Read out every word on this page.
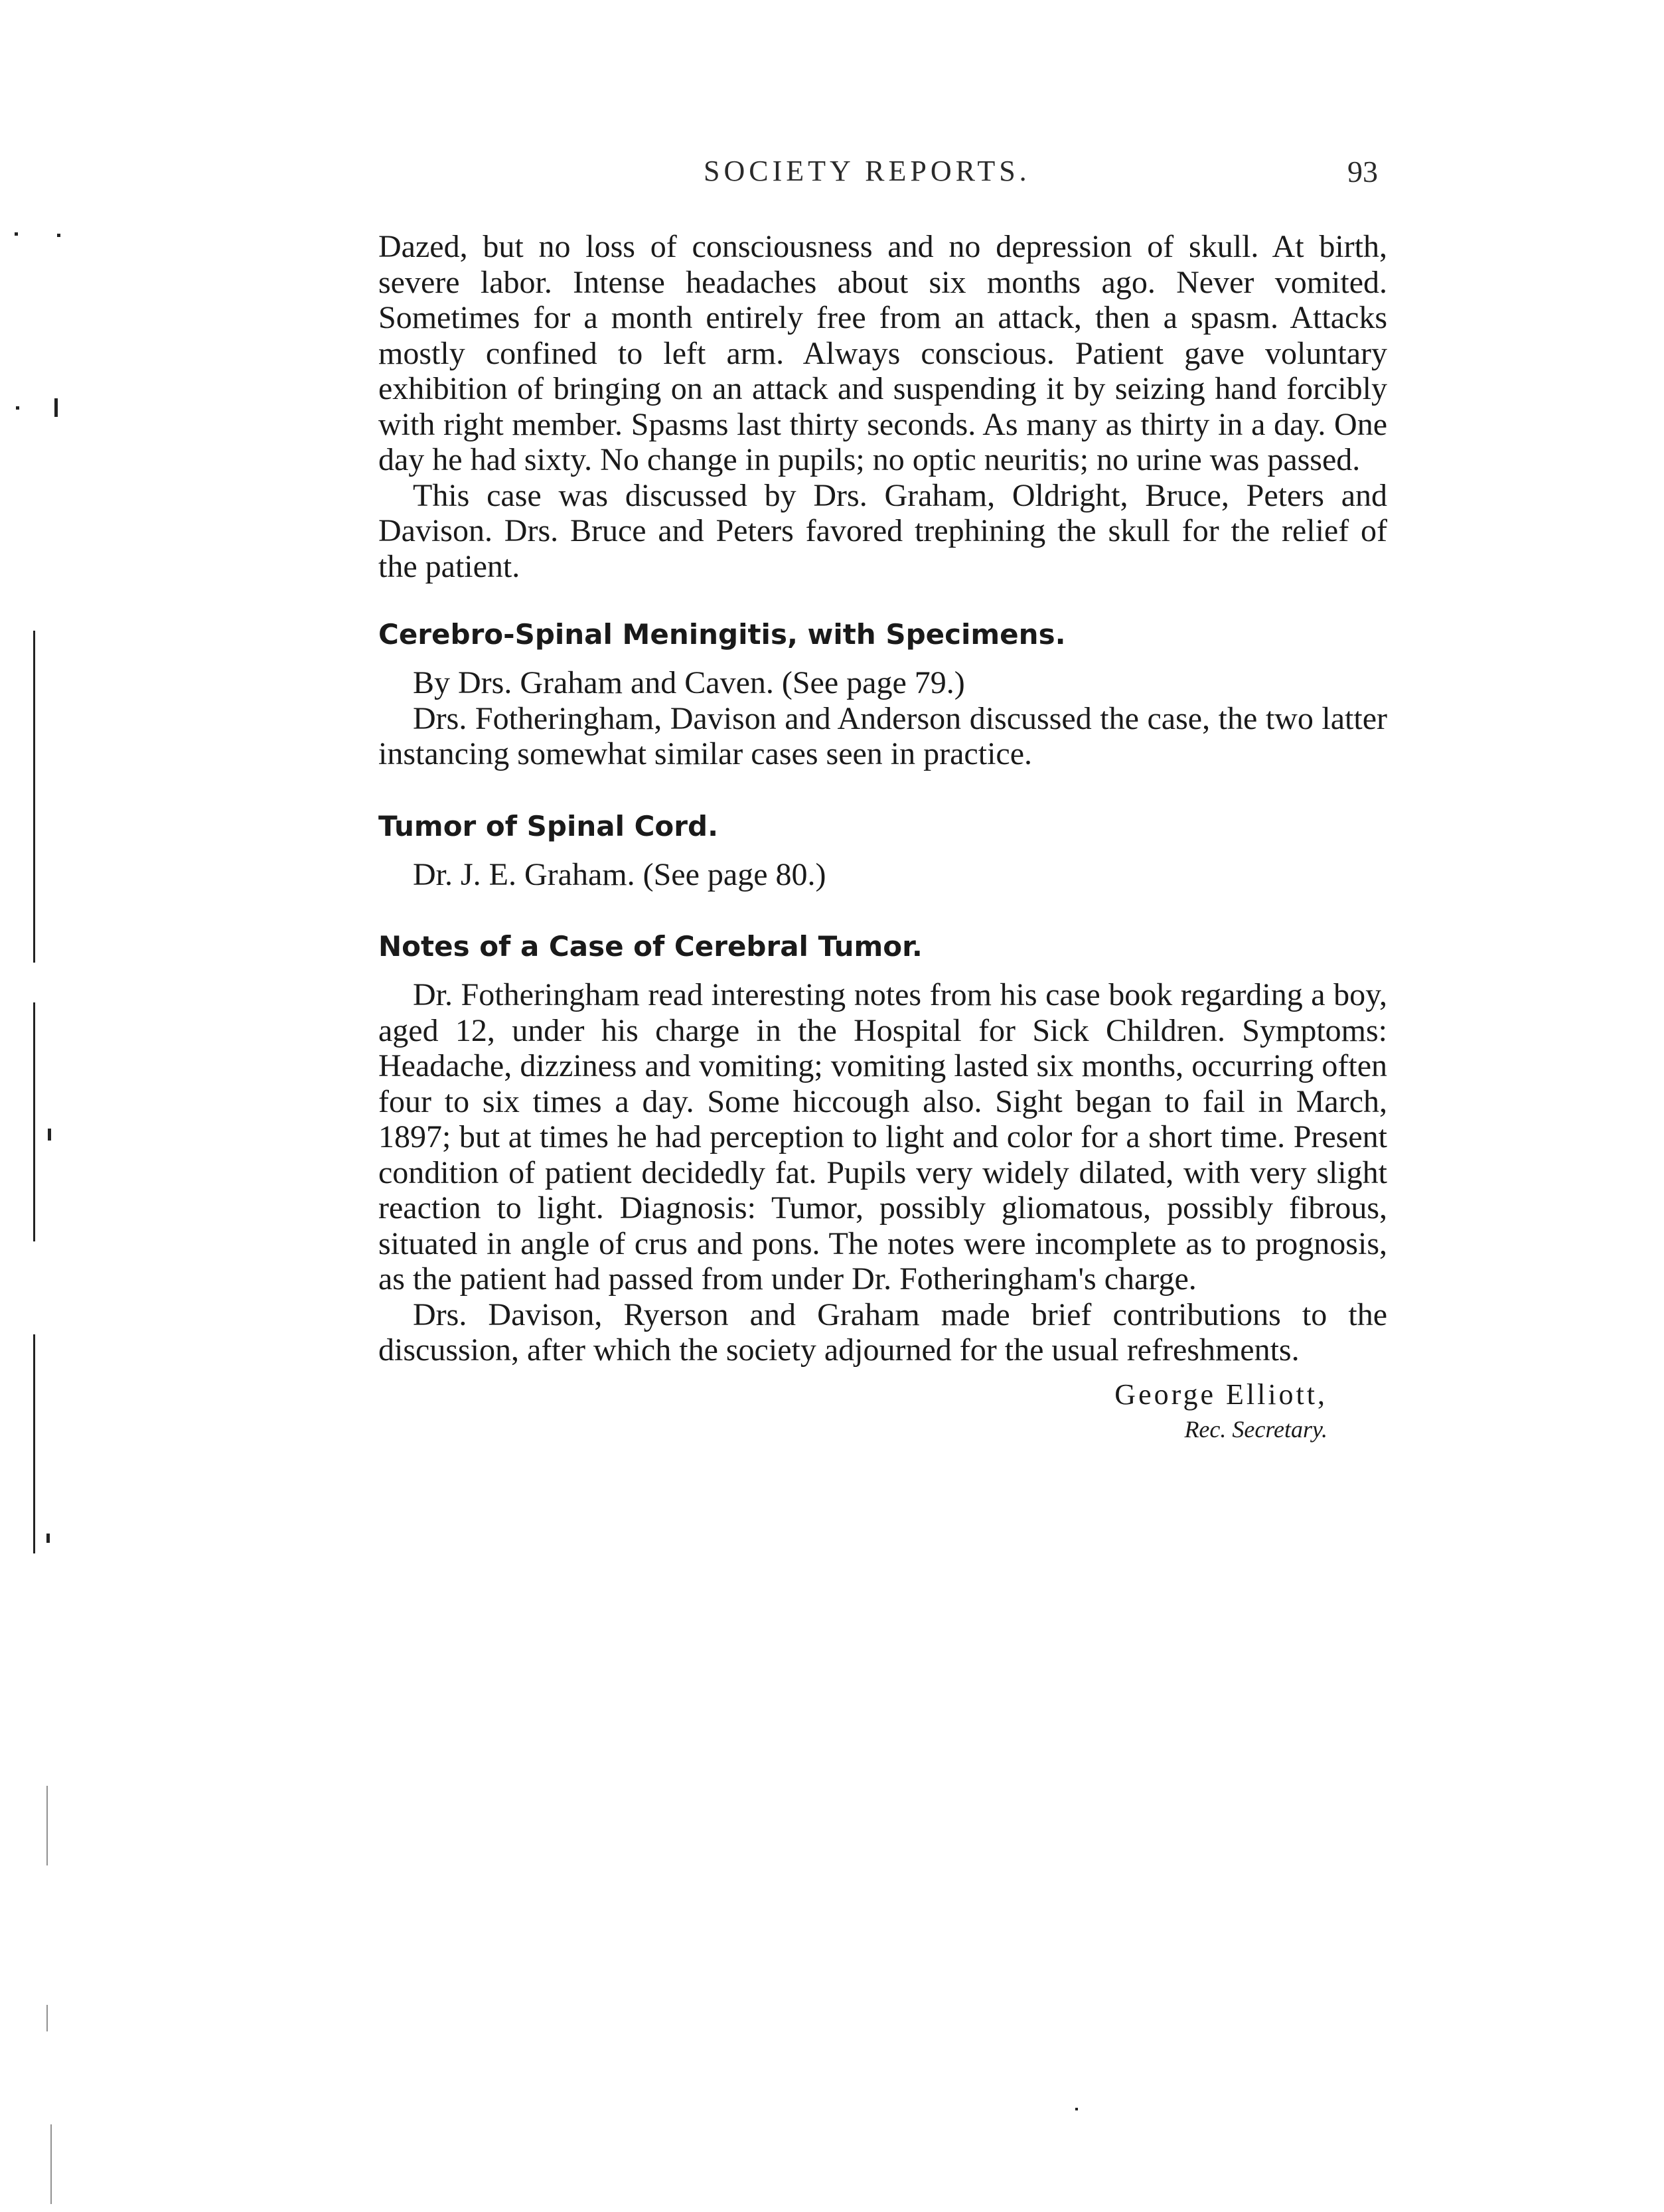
SOCIETY REPORTS.	93

Dazed, but no loss of consciousness and no depression of skull. At birth, severe labor. Intense headaches about six months ago. Never vomited. Sometimes for a month entirely free from an attack, then a spasm. Attacks mostly confined to left arm. Always conscious. Patient gave voluntary exhibition of bringing on an attack and suspending it by seizing hand forcibly with right member. Spasms last thirty seconds. As many as thirty in a day. One day he had sixty. No change in pupils; no optic neuritis; no urine was passed.

This case was discussed by Drs. Graham, Oldright, Bruce, Peters and Davison. Drs. Bruce and Peters favored trephining the skull for the relief of the patient.

Cerebro-Spinal Meningitis, with Specimens.

By Drs. Graham and Caven. (See page 79.)

Drs. Fotheringham, Davison and Anderson discussed the case, the two latter instancing somewhat similar cases seen in practice.

Tumor of Spinal Cord.

Dr. J. E. Graham. (See page 80.)

Notes of a Case of Cerebral Tumor.

Dr. Fotheringham read interesting notes from his case book regarding a boy, aged 12, under his charge in the Hospital for Sick Children. Symptoms: Headache, dizziness and vomiting; vomiting lasted six months, occurring often four to six times a day. Some hiccough also. Sight began to fail in March, 1897; but at times he had perception to light and color for a short time. Present condition of patient decidedly fat. Pupils very widely dilated, with very slight reaction to light. Diagnosis: Tumor, possibly gliomatous, possibly fibrous, situated in angle of crus and pons. The notes were incomplete as to prognosis, as the patient had passed from under Dr. Fotheringham's charge.

Drs. Davison, Ryerson and Graham made brief contributions to the discussion, after which the society adjourned for the usual refreshments.

George Elliott,

Rec. Secretary.
